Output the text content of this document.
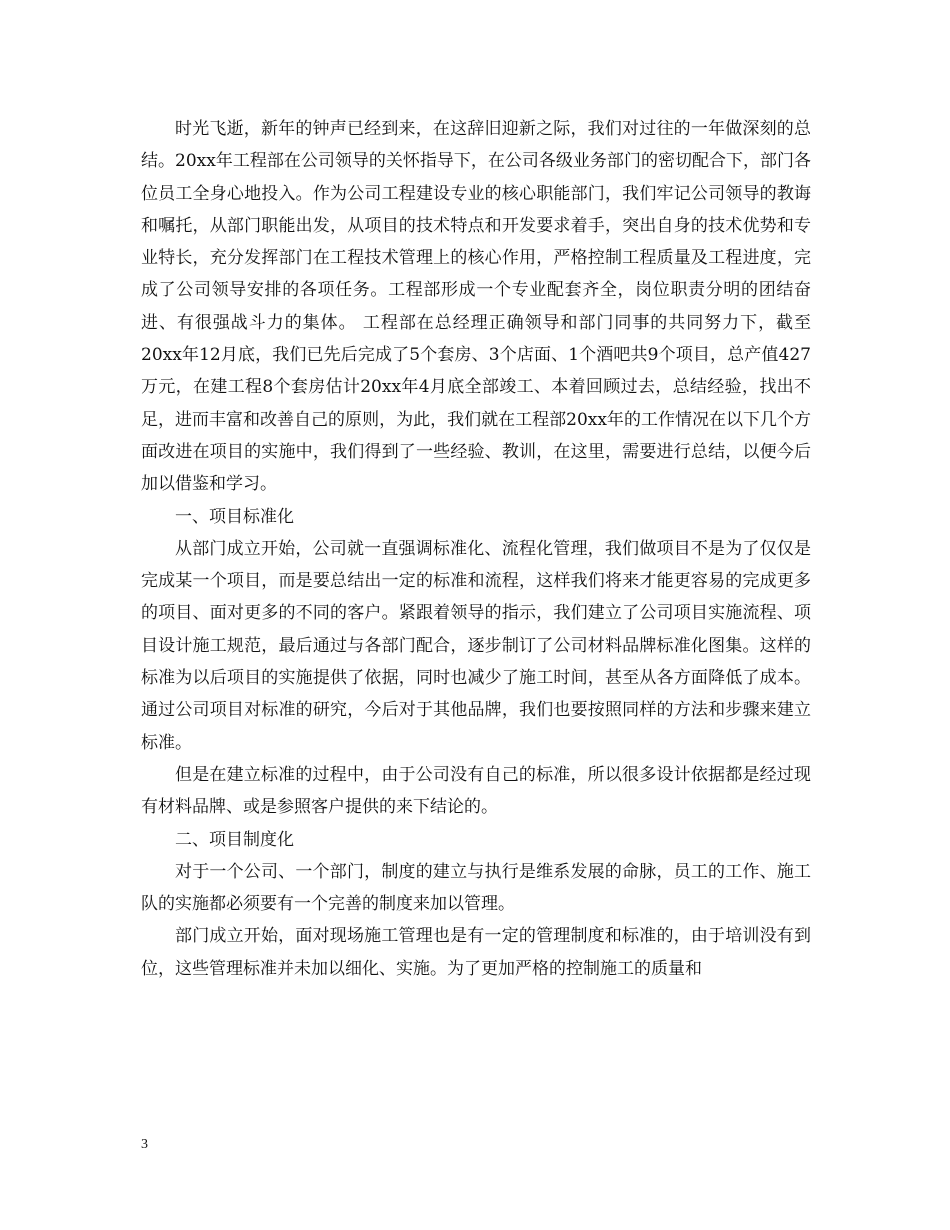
时光飞逝，新年的钟声已经到来，在这辞旧迎新之际，我们对过往的一年做深刻的总结。20xx年工程部在公司领导的关怀指导下，在公司各级业务部门的密切配合下，部门各位员工全身心地投入。作为公司工程建设专业的核心职能部门，我们牢记公司领导的教诲和嘱托，从部门职能出发，从项目的技术特点和开发要求着手，突出自身的技术优势和专业特长，充分发挥部门在工程技术管理上的核心作用，严格控制工程质量及工程进度，完成了公司领导安排的各项任务。工程部形成一个专业配套齐全，岗位职责分明的团结奋进、有很强战斗力的集体。 工程部在总经理正确领导和部门同事的共同努力下，截至20xx年12月底，我们已先后完成了5个套房、3个店面、1个酒吧共9个项目，总产值427万元，在建工程8个套房估计20xx年4月底全部竣工、本着回顾过去，总结经验，找出不足，进而丰富和改善自己的原则，为此，我们就在工程部20xx年的工作情况在以下几个方面改进在项目的实施中，我们得到了一些经验、教训，在这里，需要进行总结，以便今后加以借鉴和学习。

一、项目标准化

从部门成立开始，公司就一直强调标准化、流程化管理，我们做项目不是为了仅仅是完成某一个项目，而是要总结出一定的标准和流程，这样我们将来才能更容易的完成更多的项目、面对更多的不同的客户。紧跟着领导的指示，我们建立了公司项目实施流程、项目设计施工规范，最后通过与各部门配合，逐步制订了公司材料品牌标准化图集。这样的标准为以后项目的实施提供了依据，同时也减少了施工时间，甚至从各方面降低了成本。通过公司项目对标准的研究，今后对于其他品牌，我们也要按照同样的方法和步骤来建立标准。

但是在建立标准的过程中，由于公司没有自己的标准，所以很多设计依据都是经过现有材料品牌、或是参照客户提供的来下结论的。

二、项目制度化

对于一个公司、一个部门，制度的建立与执行是维系发展的命脉，员工的工作、施工队的实施都必须要有一个完善的制度来加以管理。

部门成立开始，面对现场施工管理也是有一定的管理制度和标准的，由于培训没有到位，这些管理标准并未加以细化、实施。为了更加严格的控制施工的质量和

3
